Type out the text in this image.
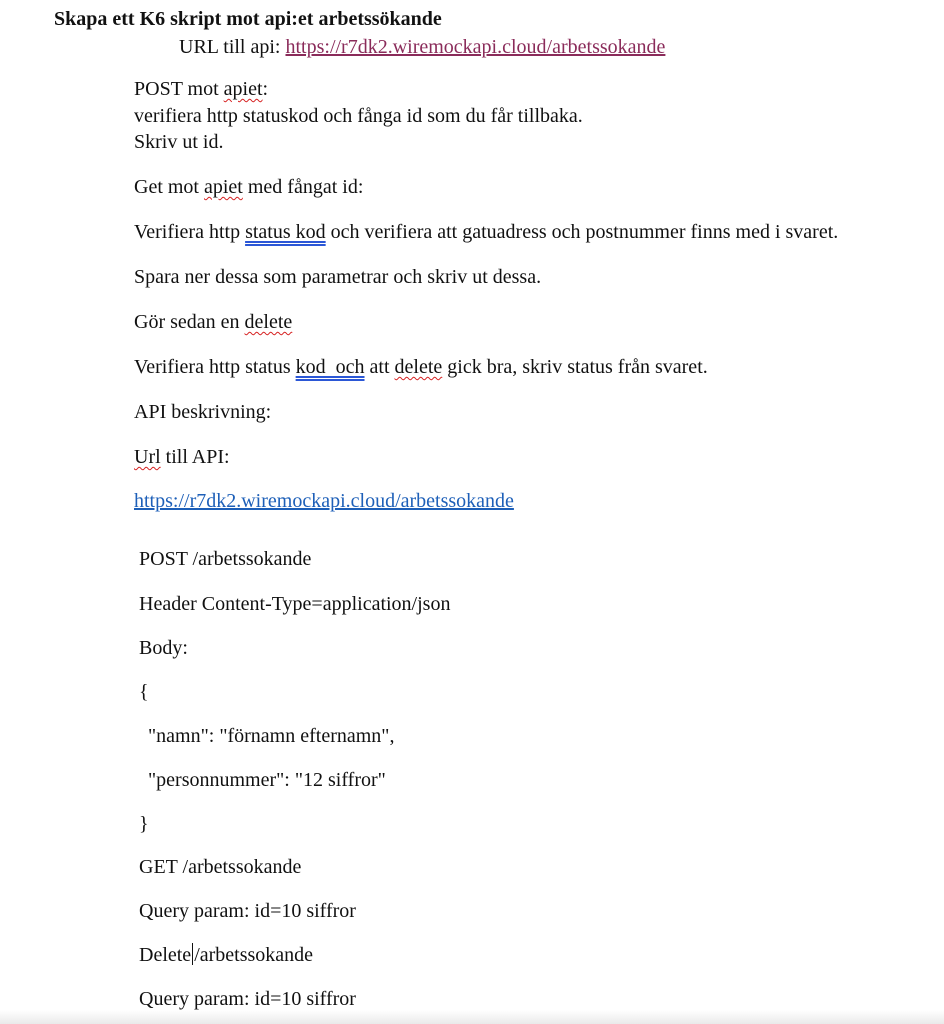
Skapa ett K6 skript mot api:et arbetssökande
URL till api: https://r7dk2.wiremockapi.cloud/arbetssokande
POST mot apiet:
verifiera http statuskod och fånga id som du får tillbaka.
Skriv ut id.
Get mot apiet med fångat id:
Verifiera http status kod och verifiera att gatuadress och postnummer finns med i svaret.
Spara ner dessa som parametrar och skriv ut dessa.
Gör sedan en delete
Verifiera http status kod  och att delete gick bra, skriv status från svaret.
API beskrivning:
Url till API:
https://r7dk2.wiremockapi.cloud/arbetssokande
POST /arbetssokande
Header Content-Type=application/json
Body:
{
"namn": "förnamn efternamn",
"personnummer": "12 siffror"
}
GET /arbetssokande
Query param: id=10 siffror
Delete /arbetssokande
Query param: id=10 siffror
